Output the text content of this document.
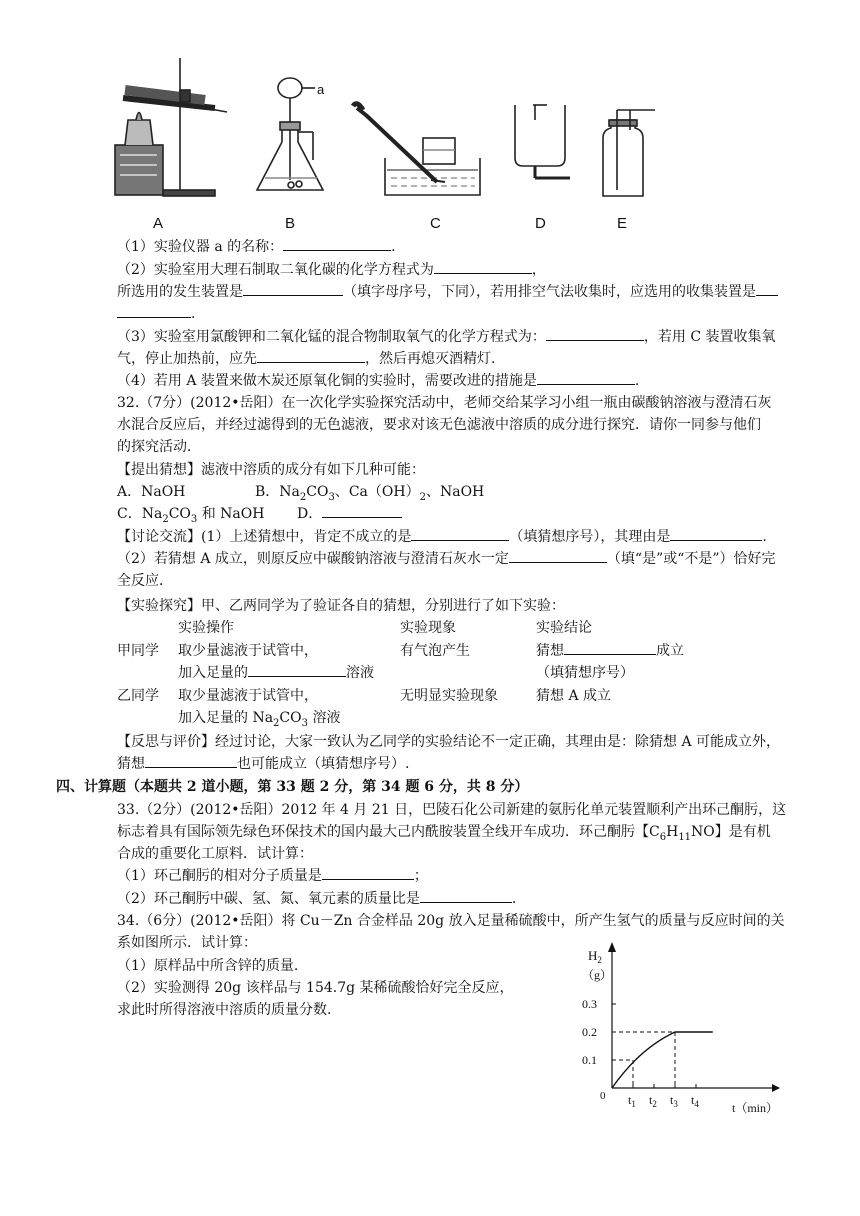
A
a
B	C	D	E
（1）实验仪器 a 的名称：	.
（2）实验室用大理石制取二氧化碳的化学方程式为	，
所选用的发生装置是	（填字母序号，下同），若用排空气法收集时，应选用的收集装置是
.
（3）实验室用氯酸钾和二氧化锰的混合物制取氧气的化学方程式为：	，若用 C 装置收集氧
气，停止加热前，应先	，然后再熄灭酒精灯.
（4）若用 A 装置来做木炭还原氧化铜的实验时，需要改进的措施是	.
32.（7分）(2012•岳阳）在一次化学实验探究活动中，老师交给某学习小组一瓶由碳酸钠溶液与澄清石灰
水混合反应后，并经过滤得到的无色滤液，要求对该无色滤液中溶质的成分进行探究．请你一同参与他们
的探究活动．
【提出猜想】滤液中溶质的成分有如下几种可能：
A．NaOH	B．$Na_2CO_3$、$Ca(OH)_2$、NaOH
C．$Na_2CO_3$ 和 NaOH D．
【讨论交流】(1）上述猜想中，肯定不成立的是	（填猜想序号），其理由是	.
（2）若猜想 A 成立，则原反应中碳酸钠溶液与澄清石灰水一定	（填“是”或“不是”）恰好完
全反应．
【实验探究】甲、乙两同学为了验证各自的猜想，分别进行了如下实验：
实验操作	实验现象	实验结论
甲同学 取少量滤液于试管中，	有气泡产生	猜想	成立
加入足量的	溶液	（填猜想序号）
乙同学 取少量滤液于试管中，	无明显实验现象	猜想 A 成立
加入足量的 $Na_2CO_3$ 溶液
【反思与评价】经过讨论，大家一致认为乙同学的实验结论不一定正确，其理由是：除猜想 A 可能成立外，
猜想	也可能成立（填猜想序号）.
四、计算题（本题共 2 道小题，第 33 题 2 分，第 34 题 6 分，共 8 分）
33.（2分）(2012•岳阳）2012 年 4 月 21 日，巴陵石化公司新建的氨肟化单元装置顺利产出环己酮肟，这
标志着具有国际领先绿色环保技术的国内最大己内酰胺装置全线开车成功．环己酮肟【$C_6H_{11}NO$】是有机
合成的重要化工原料．试计算：
（1）环己酮肟的相对分子质量是	；
（2）环己酮肟中碳、氢、氮、氧元素的质量比是	.
34.（6分）(2012•岳阳）将 Cu－Zn 合金样品 20g 放入足量稀硫酸中，所产生氢气的质量与反应时间的关
系如图所示．试计算：
（1）原样品中所含锌的质量.
（2）实验测得 20g 该样品与 154.7g 某稀硫酸恰好完全反应，
求此时所得溶液中溶质的质量分数.
$H_2$
（g）
t（min）
0
0.1
0.2
0.3
$t_1$ $t_2$ $t_3$ $t_4$
